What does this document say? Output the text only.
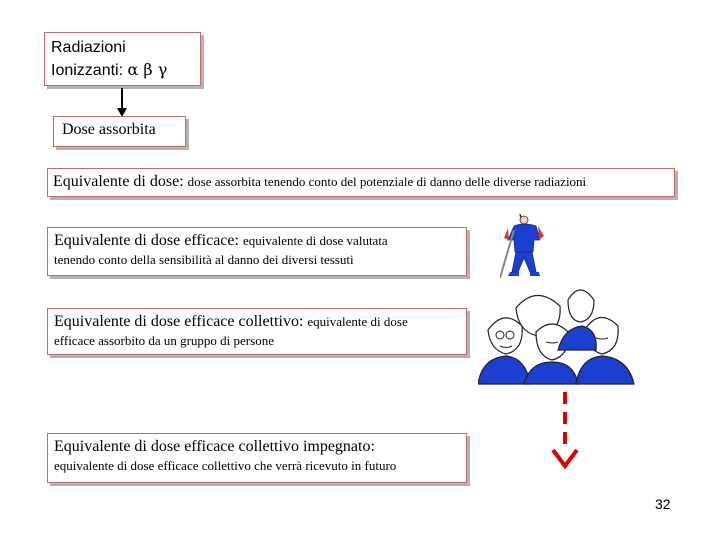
Radiazioni
Ionizzanti: α β γ
Dose assorbita
Equivalente di dose: dose assorbita tenendo conto del potenziale di danno delle diverse radiazioni
Equivalente di dose efficace: equivalente di dose valutata
tenendo conto della sensibilità al danno dei diversi tessuti
Equivalente di dose efficace collettivo: equivalente di dose
efficace assorbito da un gruppo di persone
Equivalente di dose efficace collettivo impegnato:
equivalente di dose efficace collettivo che verrà ricevuto in futuro
32
